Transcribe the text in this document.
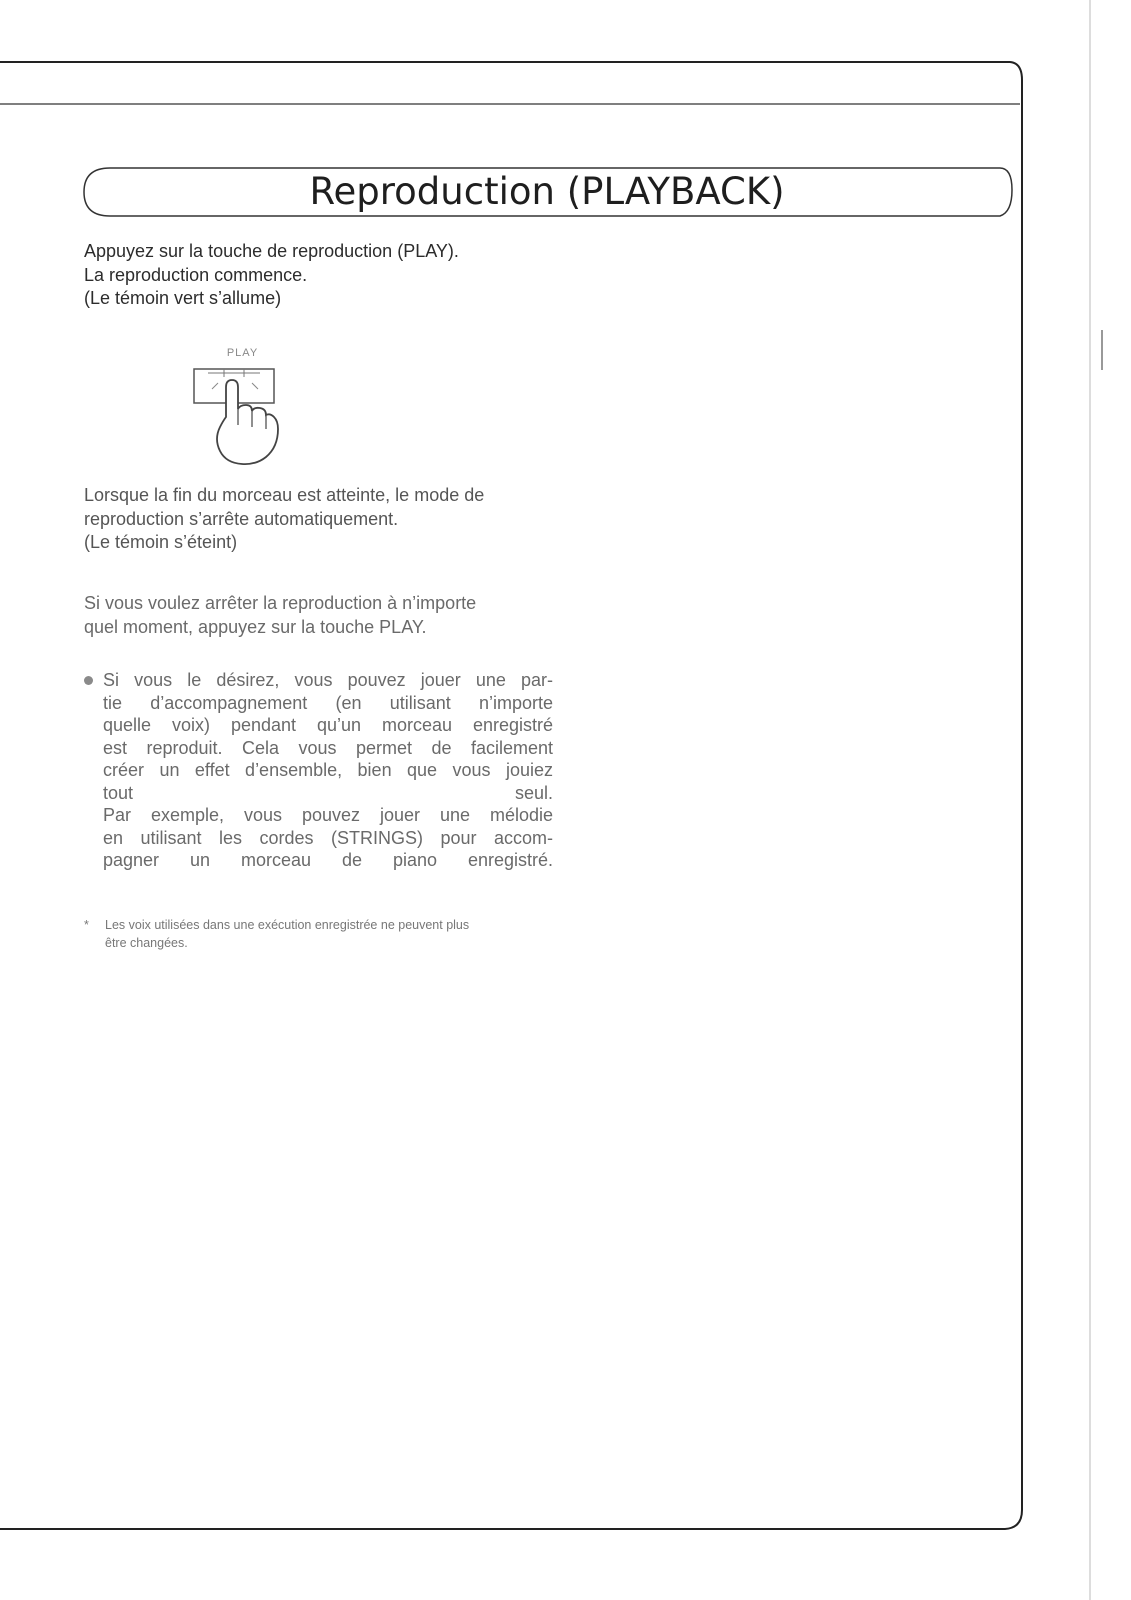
Reproduction (PLAYBACK)

Appuyez sur la touche de reproduction (PLAY).
La reproduction commence.
(Le témoin vert s’allume)

PLAY

Lorsque la fin du morceau est atteinte, le mode de
reproduction s’arrête automatiquement.
(Le témoin s’éteint)

Si vous voulez arrêter la reproduction à n’importe
quel moment, appuyez sur la touche PLAY.

Si vous le désirez, vous pouvez jouer une par-
tie d’accompagnement (en utilisant n’importe
quelle voix) pendant qu’un morceau enregistré
est reproduit. Cela vous permet de facilement
créer un effet d’ensemble, bien que vous jouiez
tout seul.
Par exemple, vous pouvez jouer une mélodie
en utilisant les cordes (STRINGS) pour accom-
pagner un morceau de piano enregistré.
* Les voix utilisées dans une exécution enregistrée ne peuvent plus
être changées.
